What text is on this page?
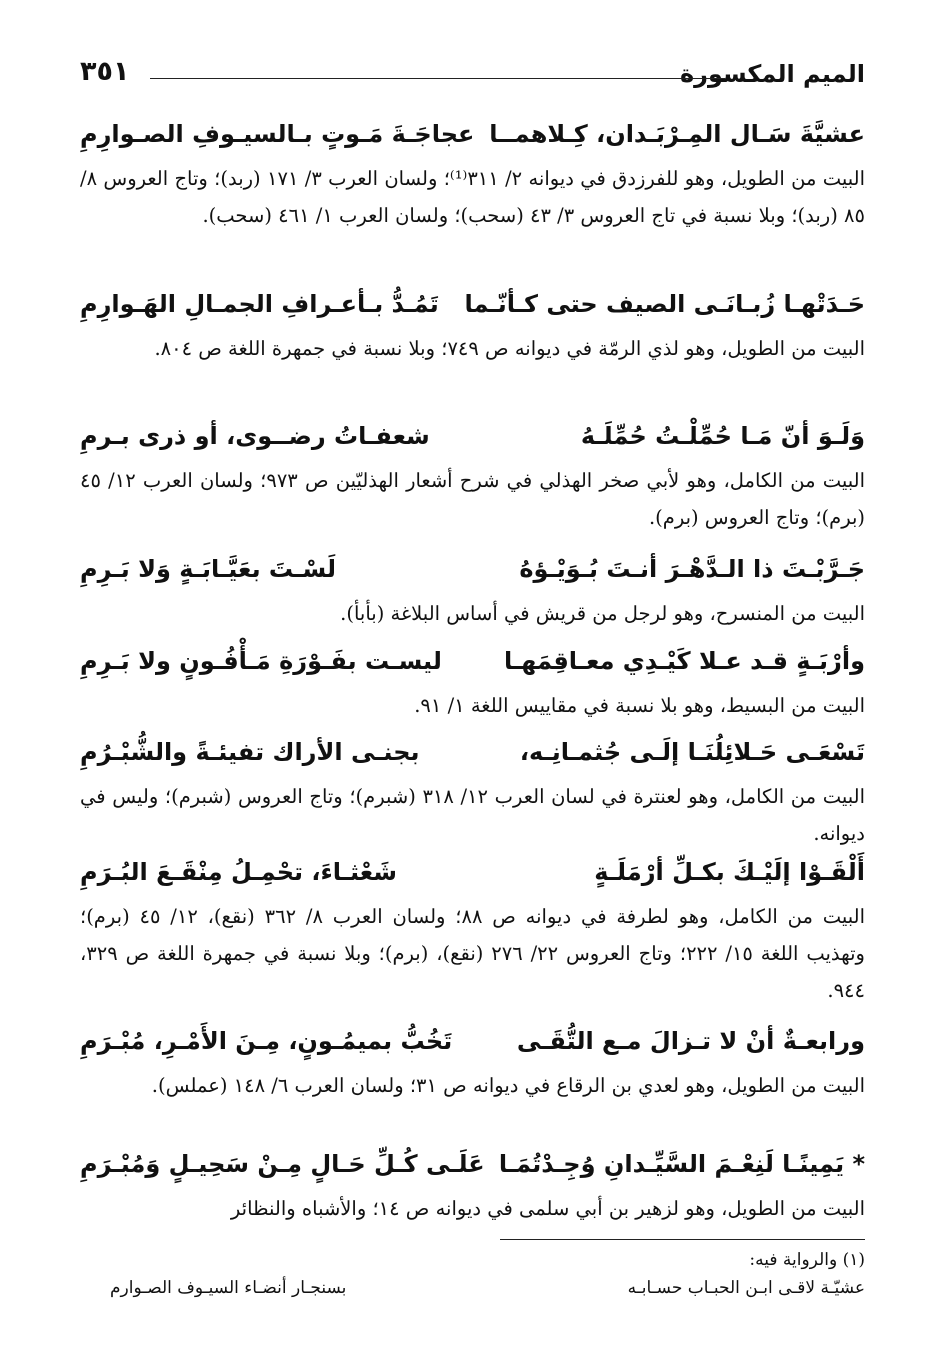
الميم المكسورة
٣٥١
عشيَّةَ سَـال المِـرْبَـدان، كِـلاهمــا
عجاجَـةَ مَـوتٍ بـالسيـوفِ الصـوارِمِ
البيت من الطويل، وهو للفرزدق في ديوانه ٢/ ٣١١⁽¹⁾؛ ولسان العرب ٣/ ١٧١ (ربد)؛ وتاج العروس ٨/ ٨٥ (ربد)؛ وبلا نسبة في تاج العروس ٣/ ٤٣ (سحب)؛ ولسان العرب ١/ ٤٦١ (سحب).
حَـدَتْهـا زُبـانَـى الصيف حتى كـأنّـما
تَمُـدُّ بـأعـرافِ الجمـالِ الهَـوارِمِ
البيت من الطويل، وهو لذي الرمّة في ديوانه ص ٧٤٩؛ وبلا نسبة في جمهرة اللغة ص ٨٠٤.
وَلَـوَ أنّ مَـا حُمِّلْـتُ حُمِّلَـهُ
شعفـاتُ رضــوى، أو ذرى بـرمِ
البيت من الكامل، وهو لأبي صخر الهذلي في شرح أشعار الهذليّين ص ٩٧٣؛ ولسان العرب ١٢/ ٤٥ (برم)؛ وتاج العروس (برم).
جَـرَّبْـتَ ذا الـدَّهْـرَ أنـتَ بُـوَيْـؤهُ
لَسْـتَ بعَيَّـابَـةٍ وَلا بَـرِمِ
البيت من المنسرح، وهو لرجل من قريش في أساس البلاغة (بأبأ).
وأرْبَـةٍ قـد عـلا كَيْـدِي معـاقِمَهـا
ليسـت بفَـوْرَةِ مَـأْفُـونٍ ولا بَـرِمِ
البيت من البسيط، وهو بلا نسبة في مقاييس اللغة ١/ ٩١.
تَسْعَـى حَـلائِلُنَـا إلَـى جُثمـانِـه،
بجنـى الأراك تفيئـةً والشُّبْـرُمِ
البيت من الكامل، وهو لعنترة في لسان العرب ١٢/ ٣١٨ (شبرم)؛ وتاج العروس (شبرم)؛ وليس في ديوانه.
أَلْقَـوْا إلَيْـكَ بكـلِّ أرْمَلَـةٍ
شَعْثـاءَ، تحْمِـلُ مِنْقَـعَ البُـرَمِ
البيت من الكامل، وهو لطرفة في ديوانه ص ٨٨؛ ولسان العرب ٨/ ٣٦٢ (نقع)، ١٢/ ٤٥ (برم)؛ وتهذيب اللغة ١٥/ ٢٢٢؛ وتاج العروس ٢٢/ ٢٧٦ (نقع)، (برم)؛ وبلا نسبة في جمهرة اللغة ص ٣٢٩، ٩٤٤.
ورابعـةٌ أنْ لا تـزالَ مـع التُّقَـى
تَخُبُّ بميمُـونٍ، مِـنَ الأَمْـرِ، مُبْـرَمِ
البيت من الطويل، وهو لعدي بن الرقاع في ديوانه ص ٣١؛ ولسان العرب ٦/ ١٤٨ (عملس).
* يَمِينًـا لَنِعْـمَ السَّيِّـدانِ وُجِـدْتُمَـا
عَلَـى كُـلِّ حَـالٍ مِـنْ سَحِيـلٍ وَمُبْـرَمِ
البيت من الطويل، وهو لزهير بن أبي سلمى في ديوانه ص ١٤؛ والأشباه والنظائر
(١) والرواية فيه:
عشيّـة لاقـى ابـن الحبـاب حسـابـه
بسنجـار أنضـاء السيـوف الصـوارم
